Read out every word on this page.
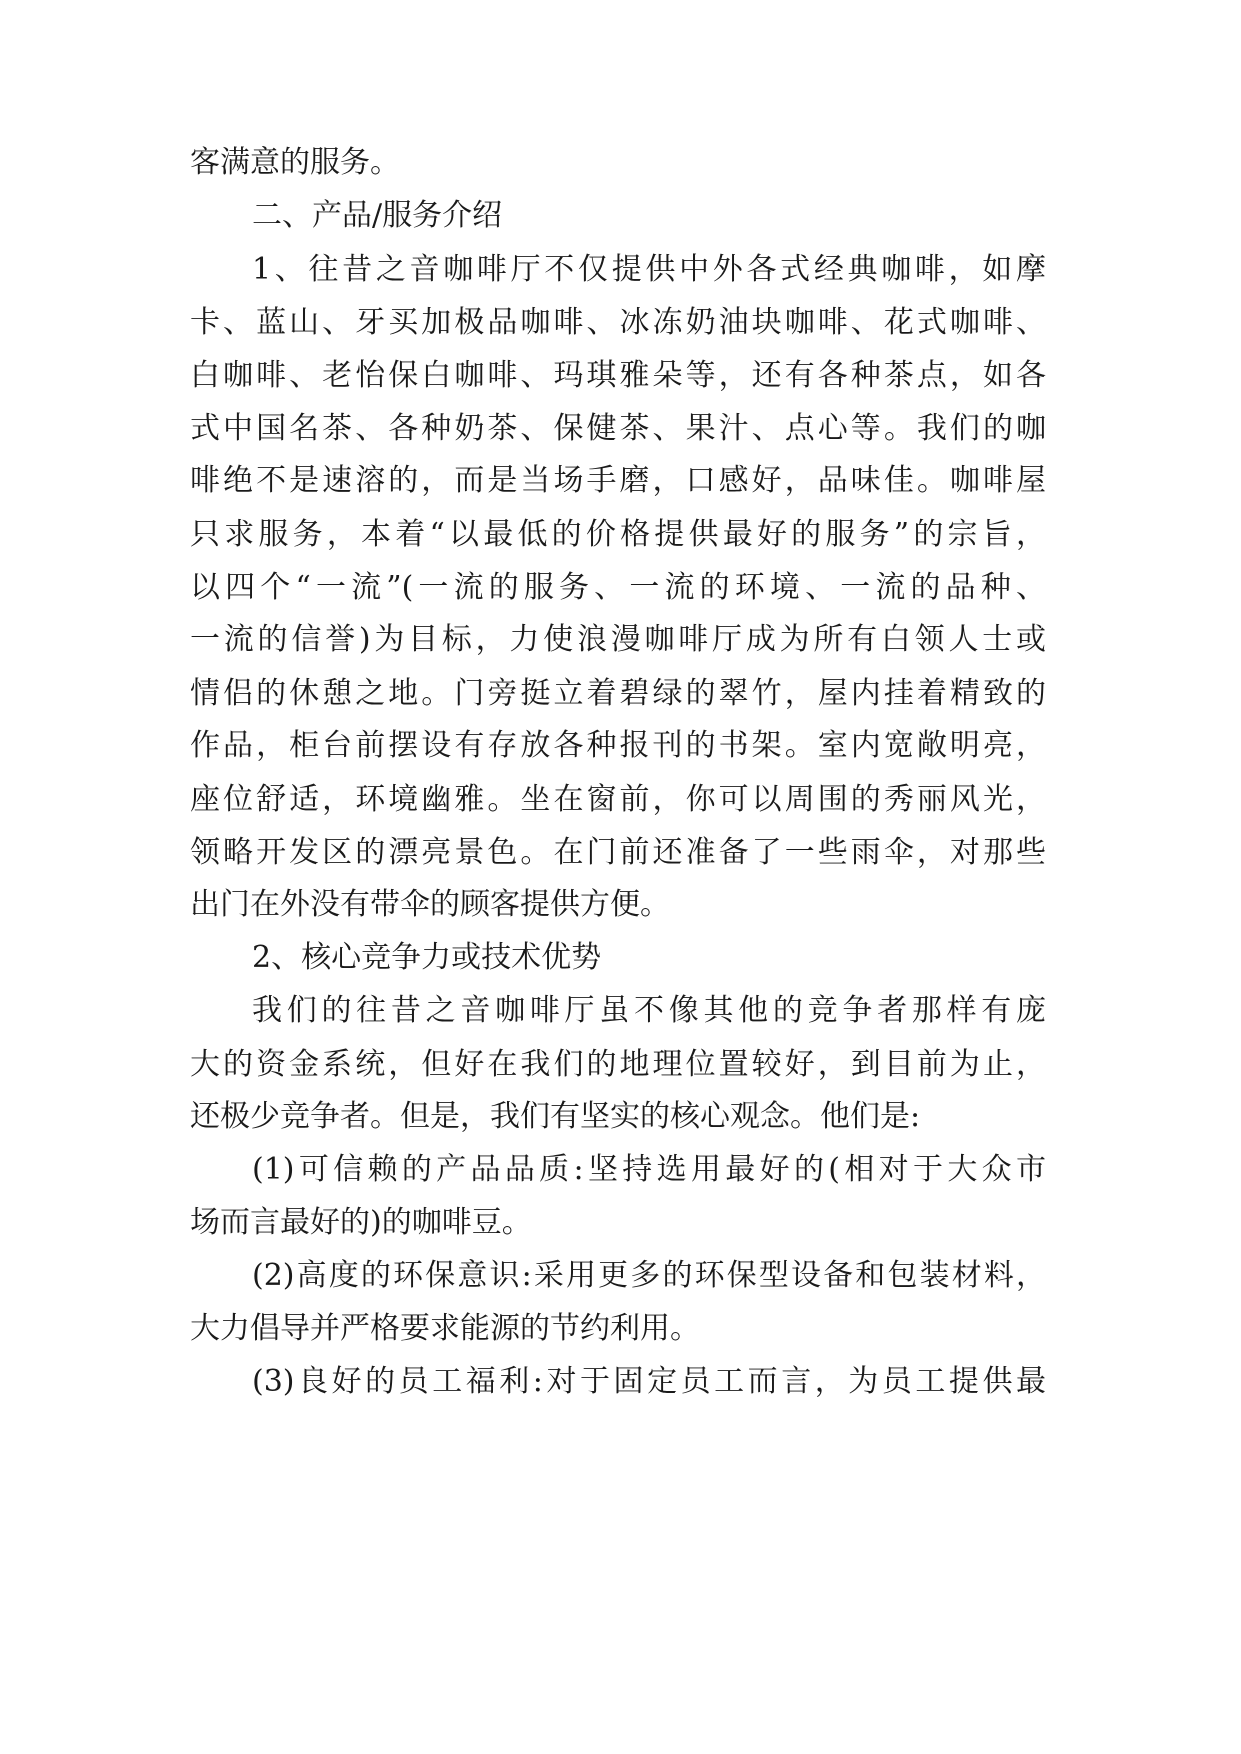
客满意的服务。
二、产品/服务介绍
1、往昔之音咖啡厅不仅提供中外各式经典咖啡，如摩
卡、蓝山、牙买加极品咖啡、冰冻奶油块咖啡、花式咖啡、
白咖啡、老怡保白咖啡、玛琪雅朵等，还有各种茶点，如各
式中国名茶、各种奶茶、保健茶、果汁、点心等。我们的咖
啡绝不是速溶的，而是当场手磨，口感好，品味佳。咖啡屋
只求服务，本着“以最低的价格提供最好的服务”的宗旨，
以四个“一流”(一流的服务、一流的环境、一流的品种、
一流的信誉)为目标，力使浪漫咖啡厅成为所有白领人士或
情侣的休憩之地。门旁挺立着碧绿的翠竹，屋内挂着精致的
作品，柜台前摆设有存放各种报刊的书架。室内宽敞明亮，
座位舒适，环境幽雅。坐在窗前，你可以周围的秀丽风光，
领略开发区的漂亮景色。在门前还准备了一些雨伞，对那些
出门在外没有带伞的顾客提供方便。
2、核心竞争力或技术优势
我们的往昔之音咖啡厅虽不像其他的竞争者那样有庞
大的资金系统，但好在我们的地理位置较好，到目前为止，
还极少竞争者。但是，我们有坚实的核心观念。他们是:
(1)可信赖的产品品质:坚持选用最好的(相对于大众市
场而言最好的)的咖啡豆。
(2)高度的环保意识:采用更多的环保型设备和包装材料，
大力倡导并严格要求能源的节约利用。
(3)良好的员工福利:对于固定员工而言，为员工提供最
